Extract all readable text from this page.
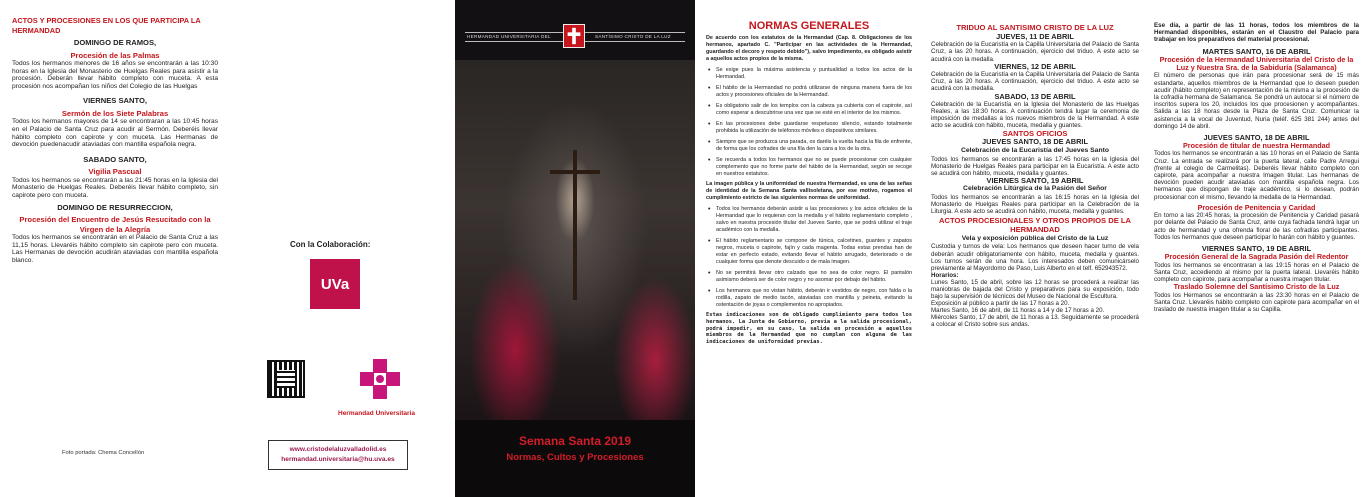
ACTOS Y PROCESIONES EN LOS QUE PARTICIPA LA HERMANDAD
DOMINGO DE RAMOS,
Procesión de las Palmas
Todos los hermanos menores de 16 años se encontrarán a las 10:30 horas en la Iglesia del Monasterio de Huelgas Reales para asistir a la procesión. Deberán llevar hábito completo con muceta. A esta procesión nos acompañan los niños del Colegio de las Huelgas
VIERNES SANTO,
Sermón de los Siete Palabras
Todos los hermanos mayores de 14 se encontraran a las 10:45 horas en el Palacio de Santa Cruz para acudir al Sermón. Deberéis llevar hábito completo con capirote y con muceta. Las Hermanas de devoción puedenacudir ataviadas con mantilla española negra.
SABADO SANTO,
Vigilia Pascual
Todos los hermanos se encontrarán a las 21:45 horas en la Iglesia del Monasterio de Huelgas Reales. Deberéis llevar hábito completo, sin capirote pero con muceta.
DOMINGO DE RESURRECCION,
Procesión del Encuentro de Jesús Resucitado con la Virgen de la Alegría
Todos los hermanos se encontrarán en el Palacio de Santa Cruz a las 11,15 horas. Llevaréis hábito completo sin capirote pero con muceta. Las Hermanas de devoción acudirán ataviadas con mantilla española blanco.
Con la Colaboración:
UVa
Hermandad Universitaria
www.cristodelaluzvalladolid.es
hermandad.universitaria@hu.uva.es
Foto portada: Chema Concellón
HERMANDAD UNIVERSITARIA DEL	SANTÍSIMO CRISTO DE LA LUZ
Semana Santa 2019
Normas, Cultos y Procesiones
NORMAS GENERALES
De acuerdo con los estatutos de la Hermandad (Cap. 8. Obligaciones de los hermanos, apartado C. "Participar en las actividades de la Hermandad, guardando el decoro y respeto debido"), salvo impedimento, es obligado asistir a aquellos actos propios de la misma.
• Se exige pues la máxima asistencia y puntualidad a todos los actos de la Hermandad.
• El hábito de la Hermandad no podrá utilizarse de ninguna manera fuera de los actos y procesiones oficiales de la Hermandad.
• Es obligatorio salir de los templos con la cabeza ya cubierta con el capirote, así como esperar a descubrirse una vez que se esté en el interior de los mismos.
• En las procesiones debe guardarse respetuoso silencio, estando totalmente prohibida la utilización de teléfonos móviles o dispositivos similares.
• Siempre que se produzca una parada, os daréis la vuelta hacia la fila de enfrente, de forma que los cofrades de una fila den la cara a los de la otra.
• Se recuerda a todos los hermanos que no se puede procesionar con cualquier complemento que no forme parte del hábito de la Hermandad, según se recoge en nuestros estatutos.
La imagen pública y la uniformidad de nuestra Hermandad, es una de las señas de identidad de la Semana Santa vallisoletana, por ese motivo, rogamos el cumplimiento estricto de las siguientes normas de uniformidad.
• Todos los hermanos deberán asistir a las procesiones y los actos oficiales de la Hermandad que lo requieran con la medalla y el hábito reglamentario completo , salvo en nuestra procesión titular del Jueves Santo, que se podrá utilizar el traje académico con la medalla.
• El hábito reglamentario se compone de túnica, calcetines, guantes y zapatos negros, muceta o capirote, fajín y cada magenta. Todas estas prendas han de estar en perfecto estado, evitando llevar el hábito arrugado, deteriorado o de cualquier forma que denote descuido o de mala imagen.
• No se permitirá llevar otro calzado que no sea de color negro. El pantalón asimismo deberá ser de color negro y no asomar por debajo del hábito.
• Los hermanos que no vistan hábito, deberán ir vestidos de negro, con falda o la rodilla, zapato de medio tacón, ataviadas con mantilla y peineta, evitando la ostentación de joyas o complementos no apropiados.
Estas indicaciones son de obligado cumplimiento para todos los hermanos. La Junta de Gobierno, previa a la salida procesional, podrá impedir, en su caso, la salida en procesión a aquellos miembros de la Hermandad que no cumplan con alguna de las indicaciones de uniformidad previas.
TRIDUO AL SANTISIMO CRISTO DE LA LUZ
JUEVES, 11 DE ABRIL
Celebración de la Eucaristía en la Capilla Universitaria del Palacio de Santa Cruz, a las 20 horas. A continuación, ejercicio del triduo. A este acto se acudirá con la medalla.
VIERNES, 12 DE ABRIL
Celebración de la Eucaristía en la Capilla Universitaria del Palacio de Santa Cruz, a las 20 horas. A continuación, ejercicio del triduo. A este acto se acudirá con la medalla.
SABADO, 13 DE ABRIL
Celebración de la Eucaristía en la Iglesia del Monasterio de las Huelgas Reales, a las 18:30 horas. A continuación tendrá lugar la ceremonia de imposición de medallas a los nuevos miembros de la Hermandad. A este acto se acudirá con hábito, muceta, medalla y guantes.
SANTOS OFICIOS
JUEVES SANTO, 18 DE ABRIL
Celebración de la Eucaristía del Jueves Santo
Todos los hermanos se encontrarán a las 17:45 horas en la Iglesia del Monasterio de Huelgas Reales para participar en la Eucaristía. A este acto se acudirá con hábito, muceta, medalla y guantes.
VIERNES SANTO, 19 ABRIL
Celebración Litúrgica de la Pasión del Señor
Todos los hermanos se encontrarán a las 16:15 horas en la Iglesia del Monasterio de Huelgas Reales para participar en la Celebración de la Liturgia. A este acto se acudirá con hábito, muceta, medalla y guantes.
ACTOS PROCESIONALES Y OTROS PROPIOS DE LA HERMANDAD
Vela y exposición pública del Cristo de la Luz
Custodia y turnos de vela: Los hermanos que deseen hacer turno de vela deberán acudir obligatoriamente con hábito, muceta, medalla y guantes. Los turnos serán de una hora. Los interesados deben comunicárselo previamente al Mayordomo de Paso, Luis Alberto en el telf. 652943572.
Horarios:
Lunes Santo, 15 de abril, sobre las 12 horas se procederá a realizar las maniobras de bajada del Cristo y preparativos para su exposición, todo bajo la supervisión de técnicos del Museo de Nacional de Escultura.
Exposición al público a partir de las 17 horas a 20.
Martes Santo, 16 de abril, de 11 horas a 14 y de 17 horas a 20.
Miércoles Santo, 17 de abril, de 11 horas a 13. Seguidamente se procederá a colocar el Cristo sobre sus andas.
Ese día, a partir de las 11 horas, todos los miembros de la Hermandad disponibles, estarán en el Claustro del Palacio para trabajar en los preparativos del material procesional.
MARTES SANTO, 16 DE ABRIL
Procesión de la Hermandad Universitaria del Cristo de la Luz y Nuestra Sra. de la Sabiduría (Salamanca)
El número de personas que irán para procesionar será de 15 más estandarte, aquellos miembros de la Hermandad que lo deseen pueden acudir (hábito completo) en representación de la misma a la procesión de la cofradía hermana de Salamanca. Se pondrá un autocar si el número de inscritos supera los 20, incluidos los que procesionen y acompañantes. Salida a las 18 horas desde la Plaza de Santa Cruz. Comunicar la asistencia a la vocal de Juventud, Nuria (teléf. 625 381 244) antes del domingo 14 de abril.
JUEVES SANTO, 18 DE ABRIL
Procesión de titular de nuestra Hermandad
Todos los hermanos se encontrarán a las 10 horas en el Palacio de Santa Cruz. La entrada se realizará por la puerta lateral, calle Padre Arregui (frente al colegio de Carmelitas). Deberéis llevar hábito completo con capirote, para acompañar a nuestra Imagen titular. Las hermanas de devoción pueden acudir ataviadas con mantilla española negra. Los hermanos que dispongan de traje académico, si lo desean, podrán procesionar con el mismo, llevando la medalla de la Hermandad.
Procesión de Penitencia y Caridad
En torno a las 20:45 horas, la procesión de Penitencia y Caridad pasará por delante del Palacio de Santa Cruz, ante cuya fachada tendrá lugar un acto de hermandad y una ofrenda floral de las cofradías participantes. Todos los hermanos que deseen participar lo harán con hábito y guantes.
VIERNES SANTO, 19 DE ABRIL
Procesión General de la Sagrada Pasión del Redentor
Todos los hermanos se encontraran a las 19:15 horas en el Palacio de Santa Cruz, accediendo al mismo por la puerta lateral. Llevaréis hábito completo con capirote, para acompañar a nuestra imagen titular.
Traslado Solemne del Santísimo Cristo de la Luz
Todos los Hermanos se encontrarán a las 23:30 horas en el Palacio de Santa Cruz. Llevaréis hábito completo con capirote para acompañar en el traslado de nuestra imagen titular a su Capilla.
